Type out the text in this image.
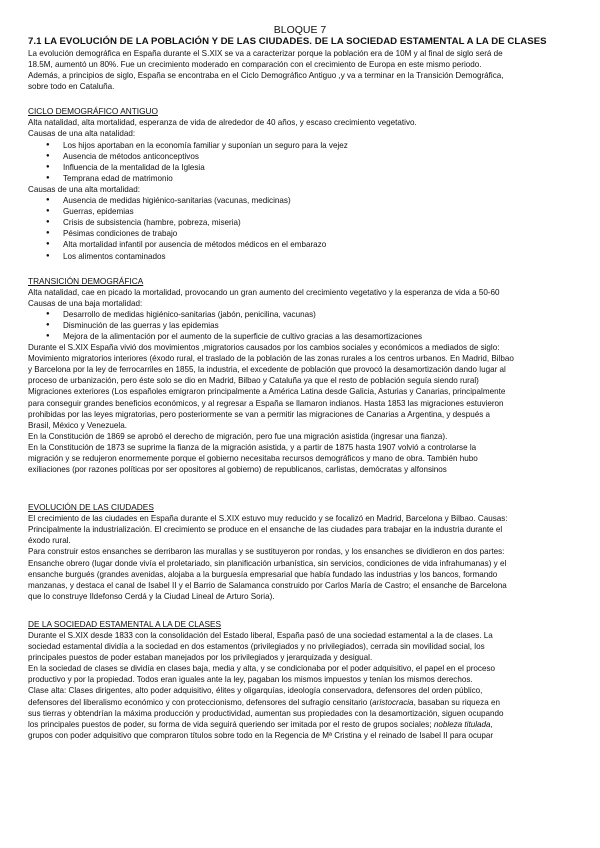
BLOQUE 7
7.1 LA EVOLUCIÓN DE LA POBLACIÓN Y DE LAS CIUDADES. DE LA SOCIEDAD ESTAMENTAL A LA DE CLASES

La evolución demográfica en España durante el S.XIX se va a caracterizar porque la población era de 10M y al final de siglo será de

18.5M, aumentó un 80%. Fue un crecimiento moderado en comparación con el crecimiento de Europa en este mismo periodo.

Además, a principios de siglo, España se encontraba en el Ciclo Demográfico Antiguo ,y va a terminar en la Transición Demográfica,

sobre todo en Cataluña.

CICLO DEMOGRÁFICO ANTIGUO

Alta natalidad, alta mortalidad, esperanza de vida de alrededor de 40 años, y escaso crecimiento vegetativo.

Causas de una alta natalidad:

● Los hijos aportaban en la economía familiar y suponían un seguro para la vejez
● Ausencia de métodos anticonceptivos
● Influencia de la mentalidad de la Iglesia
● Temprana edad de matrimonio

Causas de una alta mortalidad:

● Ausencia de medidas higiénico-sanitarias (vacunas, medicinas)
● Guerras, epidemias
● Crisis de subsistencia (hambre, pobreza, miseria)
● Pésimas condiciones de trabajo
● Alta mortalidad infantil por ausencia de métodos médicos en el embarazo
● Los alimentos contaminados
TRANSICIÓN DEMOGRÁFICA

Alta natalidad, cae en picado la mortalidad, provocando un gran aumento del crecimiento vegetativo y la esperanza de vida a 50-60

Causas de una baja mortalidad:

● Desarrollo de medidas higiénico-sanitarias (jabón, penicilina, vacunas)
● Disminución de las guerras y las epidemias
● Mejora de la alimentación por el aumento de la superficie de cultivo gracias a las desamortizaciones

Durante el S.XIX España vivió dos movimientos ,migratorios causados por los cambios sociales y económicos a mediados de siglo:

Movimiento migratorios interiores (éxodo rural, el traslado de la población de las zonas rurales a los centros urbanos. En Madrid, Bilbao

y Barcelona por la ley de ferrocarriles en 1855, la industria, el excedente de población que provocó la desamortización dando lugar al

proceso de urbanización, pero éste solo se dio en Madrid, Bilbao y Cataluña ya que el resto de población seguía siendo rural)

Migraciones exteriores (Los españoles emigraron principalmente a América Latina desde Galicia, Asturias y Canarias, principalmente

para conseguir grandes beneficios económicos, y al regresar a España se llamaron indianos. Hasta 1853 las migraciones estuvieron

prohibidas por las leyes migratorias, pero posteriormente se van a permitir las migraciones de Canarias a Argentina, y después a

Brasil, México y Venezuela.

En la Constitución de 1869 se aprobó el derecho de migración, pero fue una migración asistida (ingresar una fianza).

En la Constitución de 1873 se suprime la fianza de la migración asistida, y a partir de 1875 hasta 1907 volvió a controlarse la

migración y se redujeron enormemente porque el gobierno necesitaba recursos demográficos y mano de obra. También hubo

exiliaciones (por razones políticas por ser opositores al gobierno) de republicanos, carlistas, demócratas y alfonsinos

EVOLUCIÓN DE LAS CIUDADES

El crecimiento de las ciudades en España durante el S.XIX estuvo muy reducido y se focalizó en Madrid, Barcelona y Bilbao. Causas:

Principalmente la industrialización. El crecimiento se produce en el ensanche de las ciudades para trabajar en la industria durante el

éxodo rural.

Para construir estos ensanches se derribaron las murallas y se sustituyeron por rondas, y los ensanches se dividieron en dos partes:

Ensanche obrero (lugar donde vivía el proletariado, sin planificación urbanística, sin servicios, condiciones de vida infrahumanas) y el

ensanche burgués (grandes avenidas, alojaba a la burguesía empresarial que había fundado las industrias y los bancos, formando

manzanas, y destaca el canal de Isabel II y el Barrio de Salamanca construido por Carlos María de Castro; el ensanche de Barcelona

que lo construye Ildefonso Cerdá y la Ciudad Lineal de Arturo Soria).

DE LA SOCIEDAD ESTAMENTAL A LA DE CLASES

Durante el S.XIX desde 1833 con la consolidación del Estado liberal, España pasó de una sociedad estamental a la de clases. La

sociedad estamental dividía a la sociedad en dos estamentos (privilegiados y no privilegiados), cerrada sin movilidad social, los

principales puestos de poder estaban manejados por los privilegiados y jerarquizada y desigual.

En la sociedad de clases se dividía en clases baja, media y alta, y se condicionaba por el poder adquisitivo, el papel en el proceso

productivo y por la propiedad. Todos eran iguales ante la ley, pagaban los mismos impuestos y tenían los mismos derechos.

Clase alta: Clases dirigentes, alto poder adquisitivo, élites y oligarquías, ideología conservadora, defensores del orden público,

defensores del liberalismo económico y con proteccionismo, defensores del sufragio censitario (aristocracia, basaban su riqueza en

sus tierras y obtendrían la máxima producción y productividad, aumentan sus propiedades con la desamortización, siguen ocupando

los principales puestos de poder, su forma de vida seguirá queriendo ser imitada por el resto de grupos sociales; nobleza titulada,

grupos con poder adquisitivo que compraron títulos sobre todo en la Regencia de Mª Cristina y el reinado de Isabel II para ocupar
